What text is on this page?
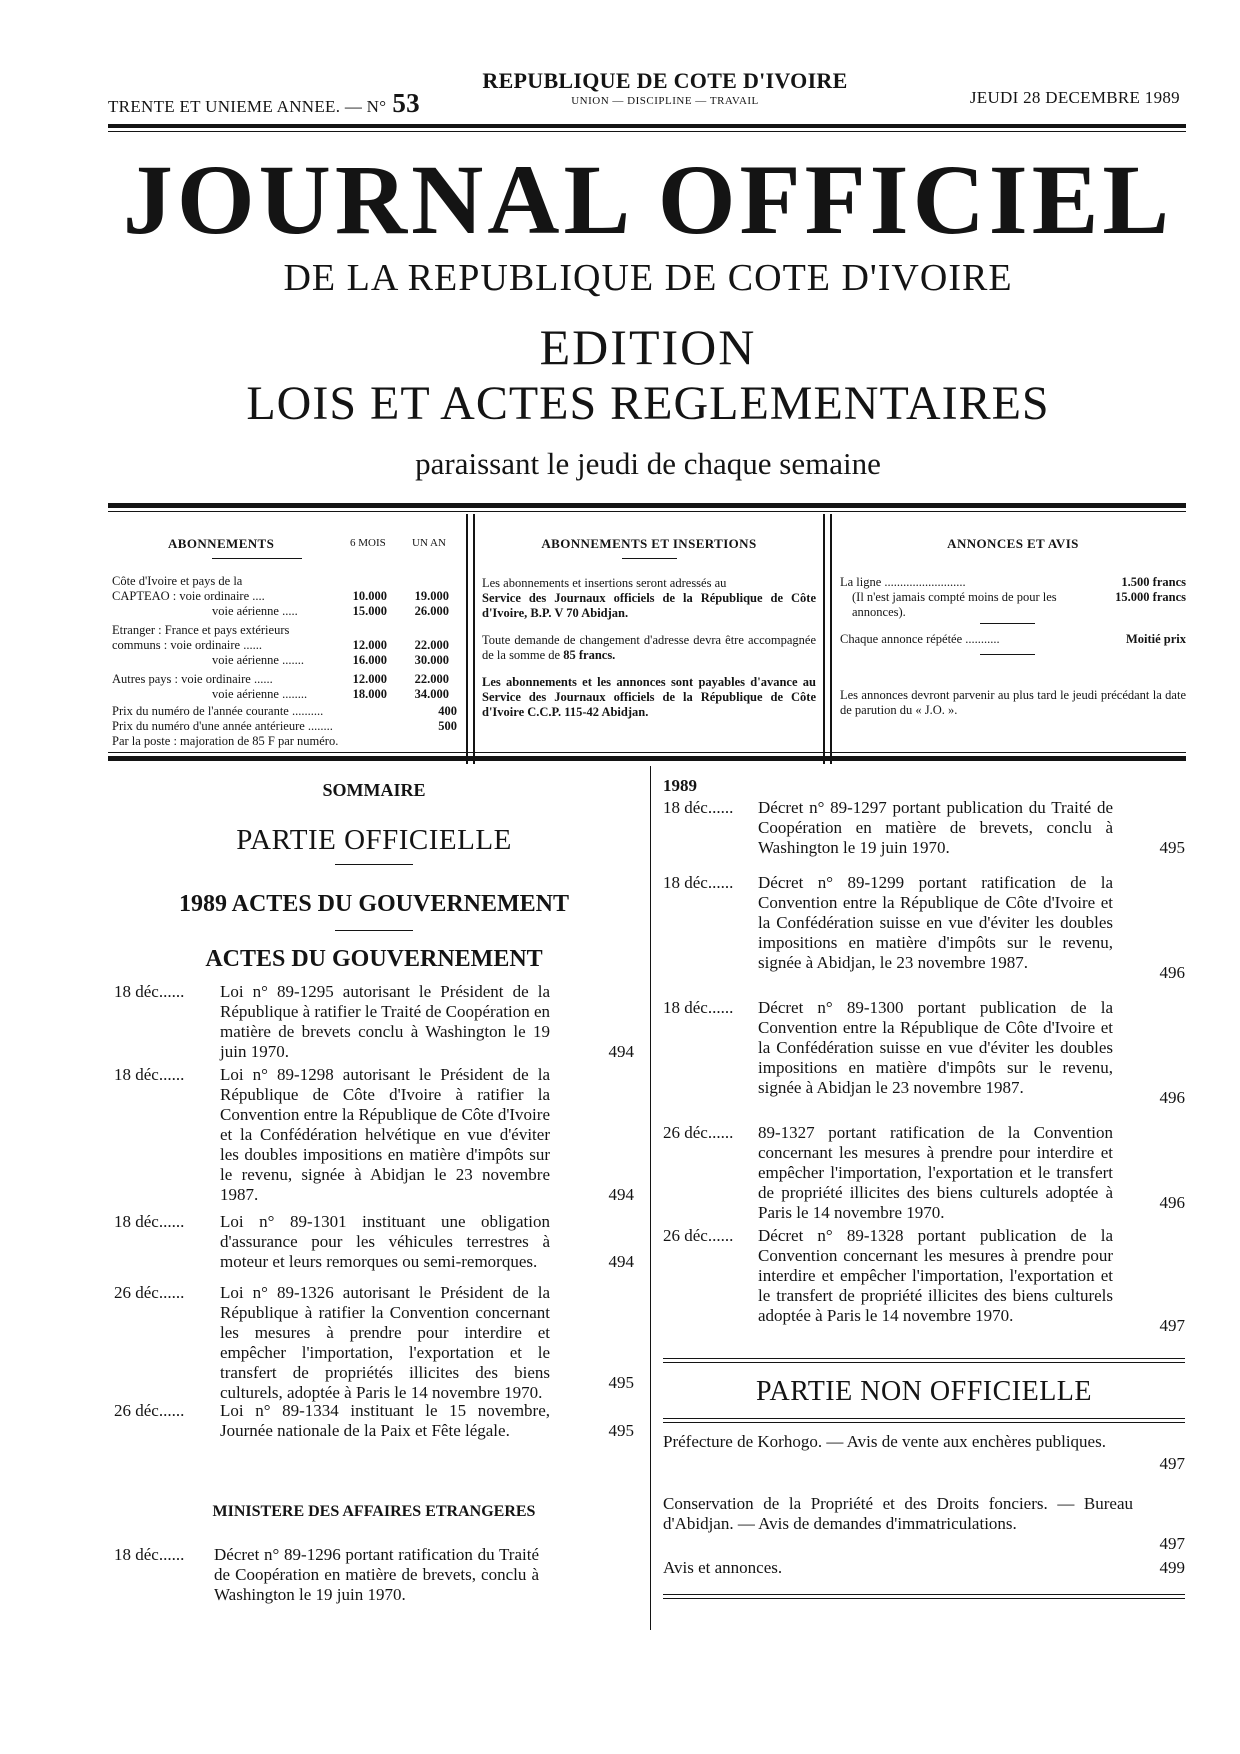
TRENTE ET UNIEME ANNEE. — N° 53
REPUBLIQUE DE COTE D'IVOIRE
UNION — DISCIPLINE — TRAVAIL	JEUDI 28 DECEMBRE 1989
JOURNAL OFFICIEL
DE LA REPUBLIQUE DE COTE D'IVOIRE
EDITION
LOIS ET ACTES REGLEMENTAIRES
paraissant le jeudi de chaque semaine
ABONNEMENTS	6 MOIS UN AN
Côte d'Ivoire et pays de la
CAPTEAO : voie ordinaire ....	10.000 19.000
voie aérienne .....	15.000 26.000
Etranger : France et pays extérieurs
communs : voie ordinaire ......	12.000 22.000
voie aérienne .......	16.000 30.000
Autres pays : voie ordinaire ......	12.000 22.000
voie aérienne ........	18.000 34.000
Prix du numéro de l'année courante ..........	400
Prix du numéro d'une année antérieure ........	500
Par la poste : majoration de 85 F par numéro.
ABONNEMENTS ET INSERTIONS
Les abonnements et insertions seront adressés au
Service des Journaux officiels de la République de Côte d'Ivoire, B.P. V 70 Abidjan.
Toute demande de changement d'adresse devra être accompagnée de la somme de 85 francs.
Les abonnements et les annonces sont payables d'avance au Service des Journaux officiels de la République de Côte d'Ivoire C.C.P. 115-42 Abidjan.
ANNONCES ET AVIS
La ligne ..........................	1.500 francs
(Il n'est jamais compté moins de pour les annonces).
15.000 francs
Chaque annonce répétée ...........	Moitié prix
Les annonces devront parvenir au plus tard le jeudi précédant la date de parution du « J.O. ».
SOMMAIRE
PARTIE OFFICIELLE
1989 ACTES DU GOUVERNEMENT
ACTES DU GOUVERNEMENT
18 déc...... Loi n° 89-1295 autorisant le Président de la République à ratifier le Traité de Coopération en matière de brevets conclu à Washington le 19 juin 1970.	494
18 déc...... Loi n° 89-1298 autorisant le Président de la République de Côte d'Ivoire à ratifier la Convention entre la République de Côte d'Ivoire et la Confédération helvétique en vue d'éviter les doubles impositions en matière d'impôts sur le revenu, signée à Abidjan le 23 novembre 1987.	494
18 déc...... Loi n° 89-1301 instituant une obligation d'assurance pour les véhicules terrestres à moteur et leurs remorques ou semi-remorques.	494
26 déc...... Loi n° 89-1326 autorisant le Président de la République à ratifier la Convention concernant les mesures à prendre pour interdire et empêcher l'importation, l'exportation et le transfert de propriétés illicites des biens culturels, adoptée à Paris le 14 novembre 1970.
495
26 déc...... Loi n° 89-1334 instituant le 15 novembre, Journée nationale de la Paix et Fête légale.	495
MINISTERE DES AFFAIRES ETRANGERES
18 déc...... Décret n° 89-1296 portant ratification du Traité de Coopération en matière de brevets, conclu à Washington le 19 juin 1970.
1989
18 déc...... Décret n° 89-1297 portant publication du Traité de Coopération en matière de brevets, conclu à Washington le 19 juin 1970.	495
18 déc...... Décret n° 89-1299 portant ratification de la Convention entre la République de Côte d'Ivoire et la Confédération suisse en vue d'éviter les doubles impositions en matière d'impôts sur le revenu, signée à Abidjan, le 23 novembre 1987.
496
18 déc...... Décret n° 89-1300 portant publication de la Convention entre la République de Côte d'Ivoire et la Confédération suisse en vue d'éviter les doubles impositions en matière d'impôts sur le revenu, signée à Abidjan le 23 novembre 1987.
496
26 déc...... 89-1327 portant ratification de la Convention concernant les mesures à prendre pour interdire et empêcher l'importation, l'exportation et le transfert de propriété illicites des biens culturels adoptée à Paris le 14 novembre 1970.
496
26 déc...... Décret n° 89-1328 portant publication de la Convention concernant les mesures à prendre pour interdire et empêcher l'importation, l'exportation et le transfert de propriété illicites des biens culturels adoptée à Paris le 14 novembre 1970.
497
PARTIE NON OFFICIELLE
Préfecture de Korhogo. — Avis de vente aux enchères publiques.
497
Conservation de la Propriété et des Droits fonciers. — Bureau d'Abidjan. — Avis de demandes d'immatriculations.
497
Avis et annonces.	499
